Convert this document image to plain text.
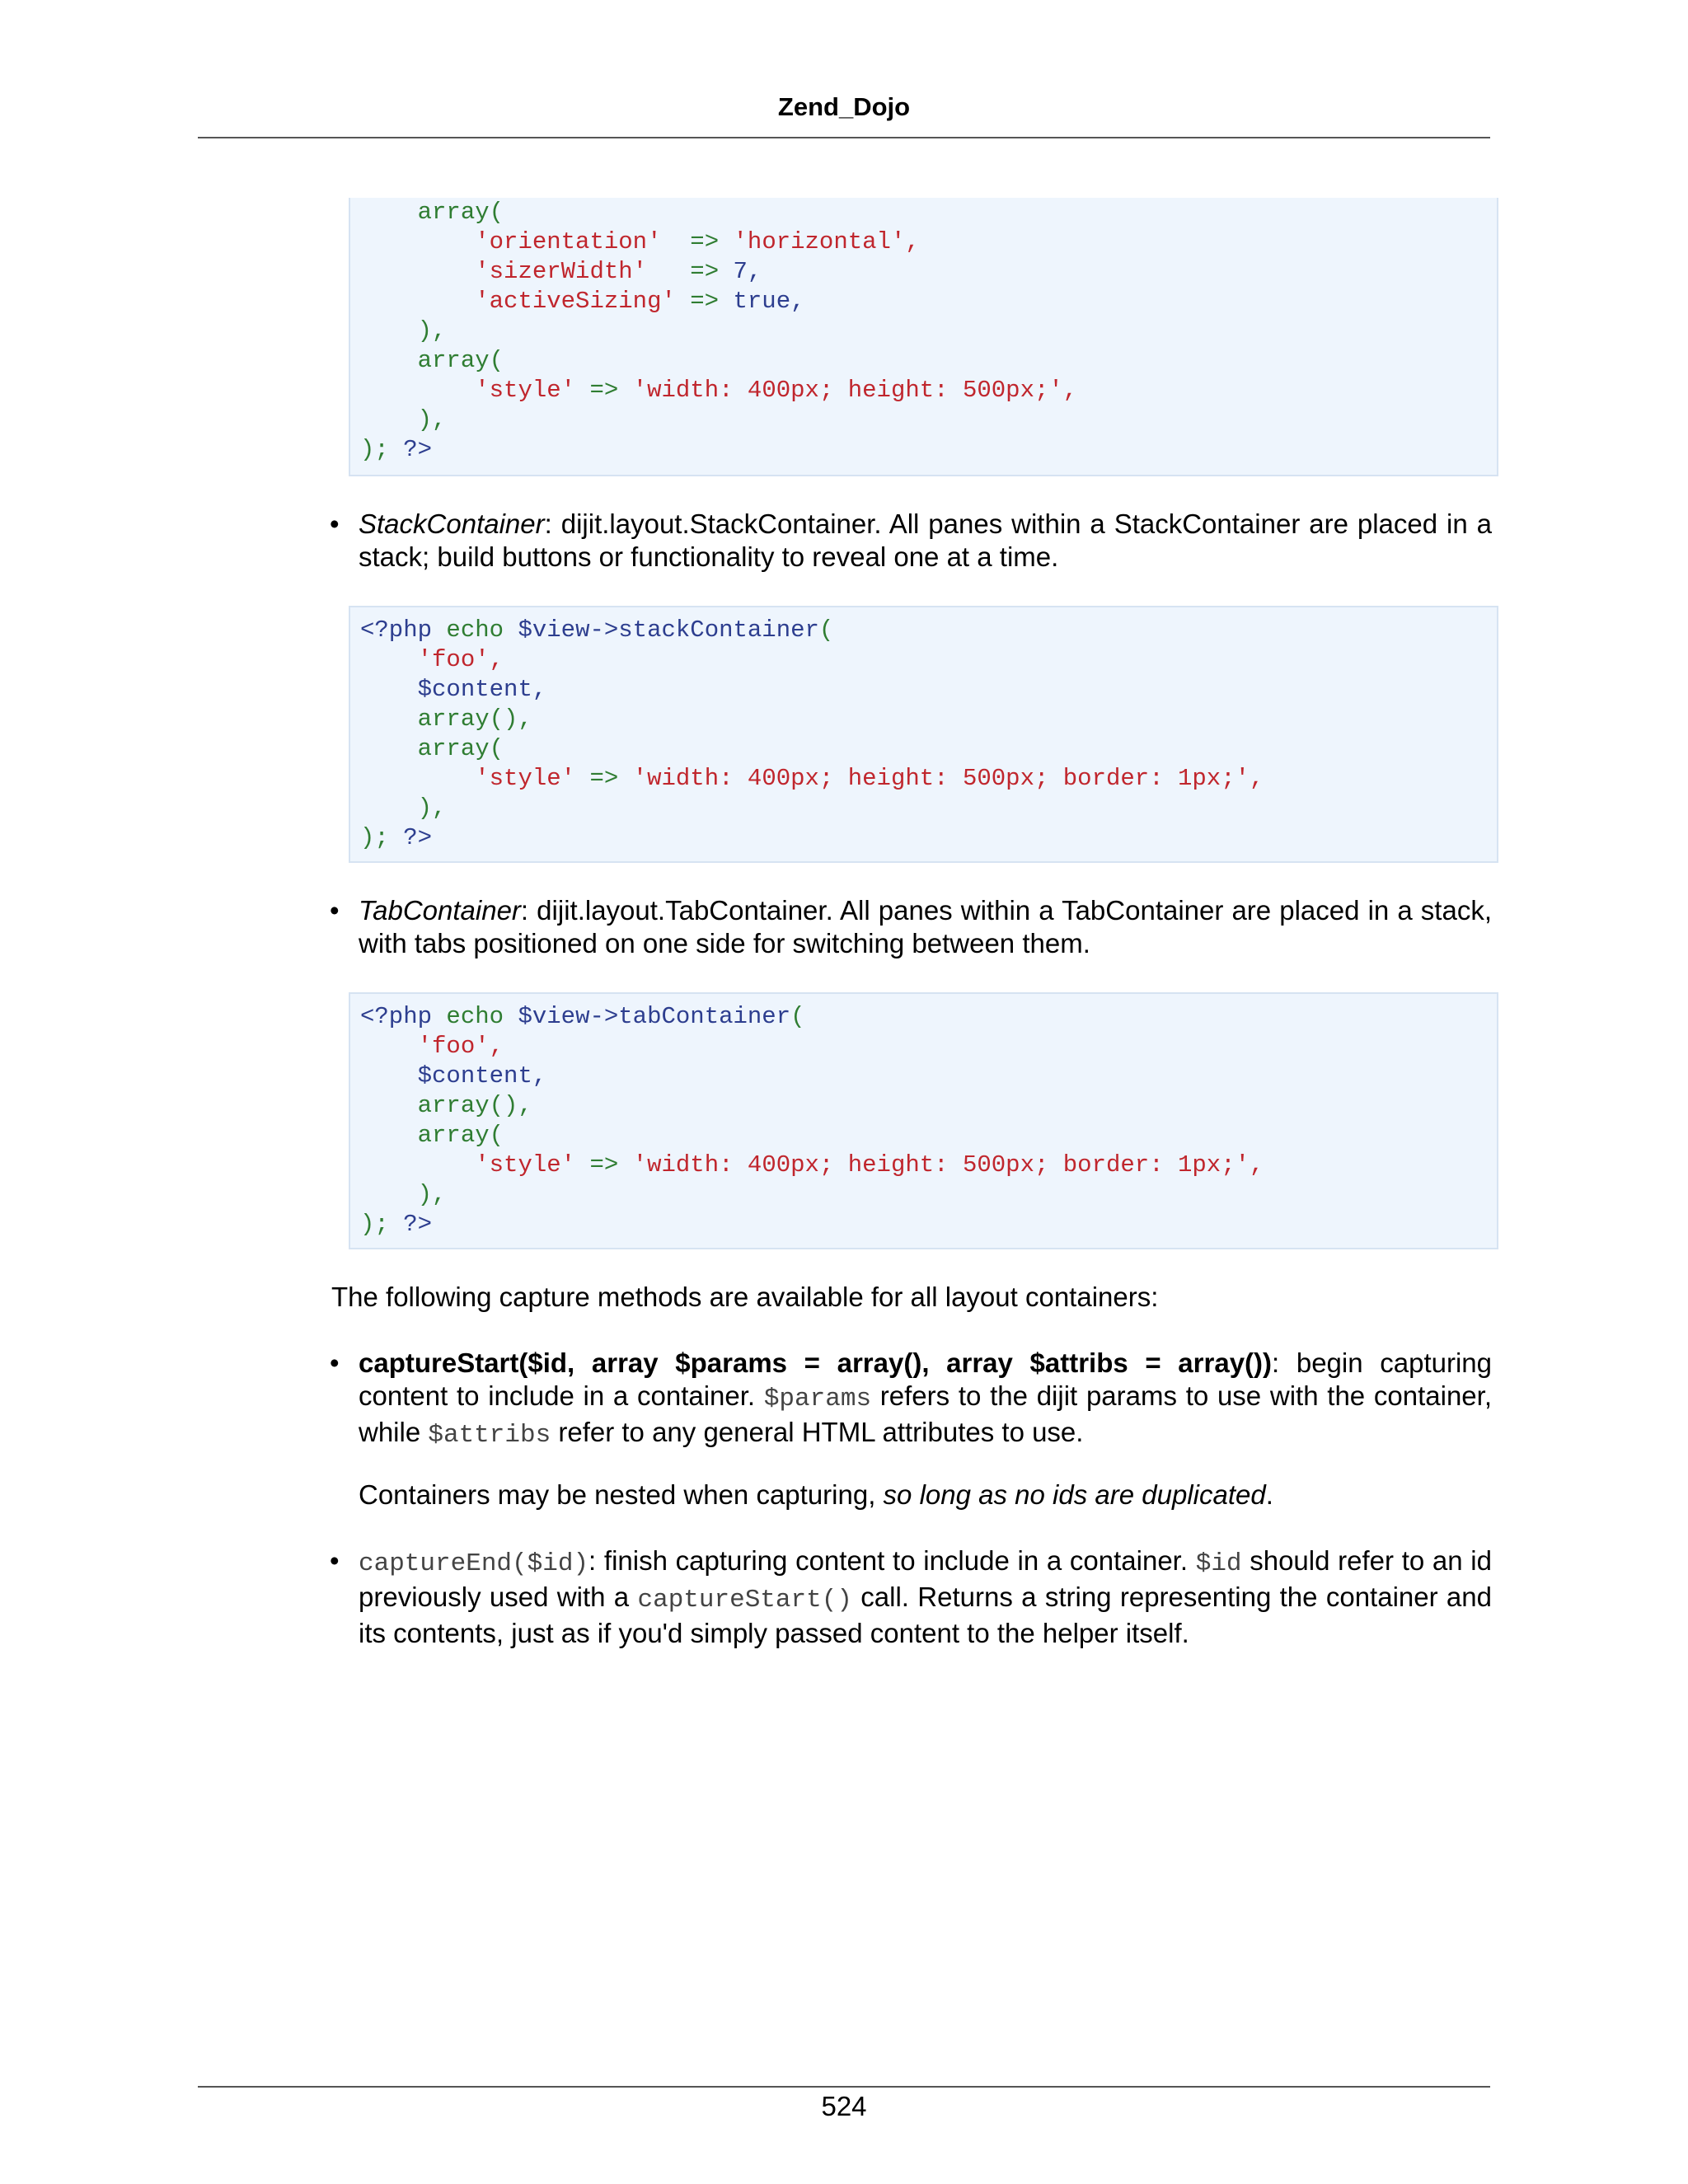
Zend_Dojo
array(
'orientation' => 'horizontal',
'sizerWidth' => 7,
'activeSizing' => true,
),
array(
'style' => 'width: 400px; height: 500px;',
),
); ?>
• StackContainer: dijit.layout.StackContainer. All panes within a StackContainer are placed in a stack; build buttons or functionality to reveal one at a time.
<?php echo $view->stackContainer(
'foo',
$content,
array(),
array(
'style' => 'width: 400px; height: 500px; border: 1px;',
),
); ?>
• TabContainer: dijit.layout.TabContainer. All panes within a TabContainer are placed in a stack, with tabs positioned on one side for switching between them.
<?php echo $view->tabContainer(
'foo',
$content,
array(),
array(
'style' => 'width: 400px; height: 500px; border: 1px;',
),
); ?>
The following capture methods are available for all layout containers:
• captureStart($id, array $params = array(), array $attribs = array()): begin capturing content to include in a container. $params refers to the dijit params to use with the container, while $attribs refer to any general HTML attributes to use.
Containers may be nested when capturing, so long as no ids are duplicated.
• captureEnd($id): finish capturing content to include in a container. $id should refer to an id previously used with a captureStart() call. Returns a string representing the container and its contents, just as if you'd simply passed content to the helper itself.
524
